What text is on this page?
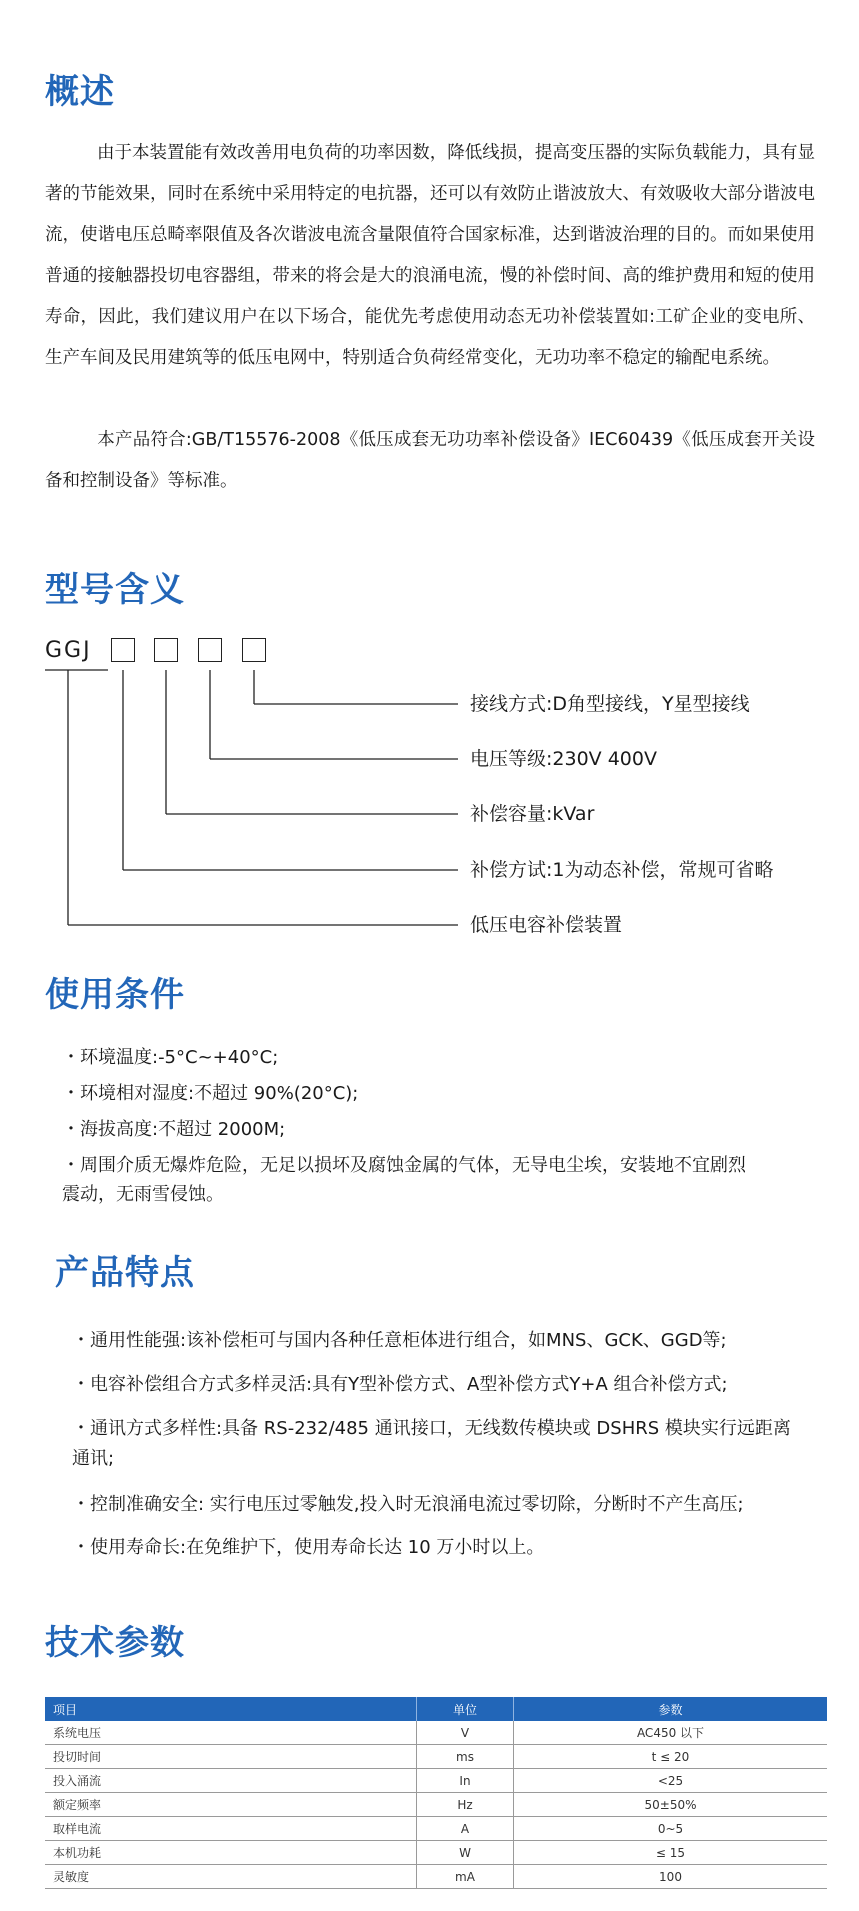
概述

由于本装置能有效改善用电负荷的功率因数，降低线损，提高变压器的实际负载能力，具有显著的节能效果，同时在系统中采用特定的电抗器，还可以有效防止谐波放大、有效吸收大部分谐波电流，使谐电压总畸率限值及各次谐波电流含量限值符合国家标准，达到谐波治理的目的。而如果使用普通的接触器投切电容器组，带来的将会是大的浪涌电流，慢的补偿时间、高的维护费用和短的使用寿命，因此，我们建议用户在以下场合，能优先考虑使用动态无功补偿装置如:工矿企业的变电所、生产车间及民用建筑等的低压电网中，特别适合负荷经常变化，无功功率不稳定的输配电系统。

本产品符合:GB/T15576-2008《低压成套无功功率补偿设备》IEC60439《低压成套开关设备和控制设备》等标准。

型号含义
GGJ
接线方式:D角型接线，Y星型接线
电压等级:230V 400V
补偿容量:kVar
补偿方试:1为动态补偿，常规可省略
低压电容补偿装置
使用条件

・环境温度:-5°C~+40°C;

・环境相对湿度:不超过 90%(20°C);

・海拔高度:不超过 2000M;

・周围介质无爆炸危险，无足以损坏及腐蚀金属的气体，无导电尘埃，安装地不宜剧烈震动，无雨雪侵蚀。

产品特点

・通用性能强:该补偿柜可与国内各种任意柜体进行组合，如MNS、GCK、GGD等;

・电容补偿组合方式多样灵活:具有Y型补偿方式、A型补偿方式Y+A 组合补偿方式;

・通讯方式多样性:具备 RS-232/485 通讯接口，无线数传模块或 DSHRS 模块实行远距离通讯;

・控制准确安全: 实行电压过零触发,投入时无浪涌电流过零切除，分断时不产生高压;

・使用寿命长:在免维护下，使用寿命长达 10 万小时以上。

技术参数
项目	单位	参数
系统电压	V	AC450 以下
投切时间	ms	t ≤ 20
投入涌流	In	<25
额定频率	Hz	50±50%
取样电流	A	0~5
本机功耗	W	≤ 15
灵敏度	mA	100
